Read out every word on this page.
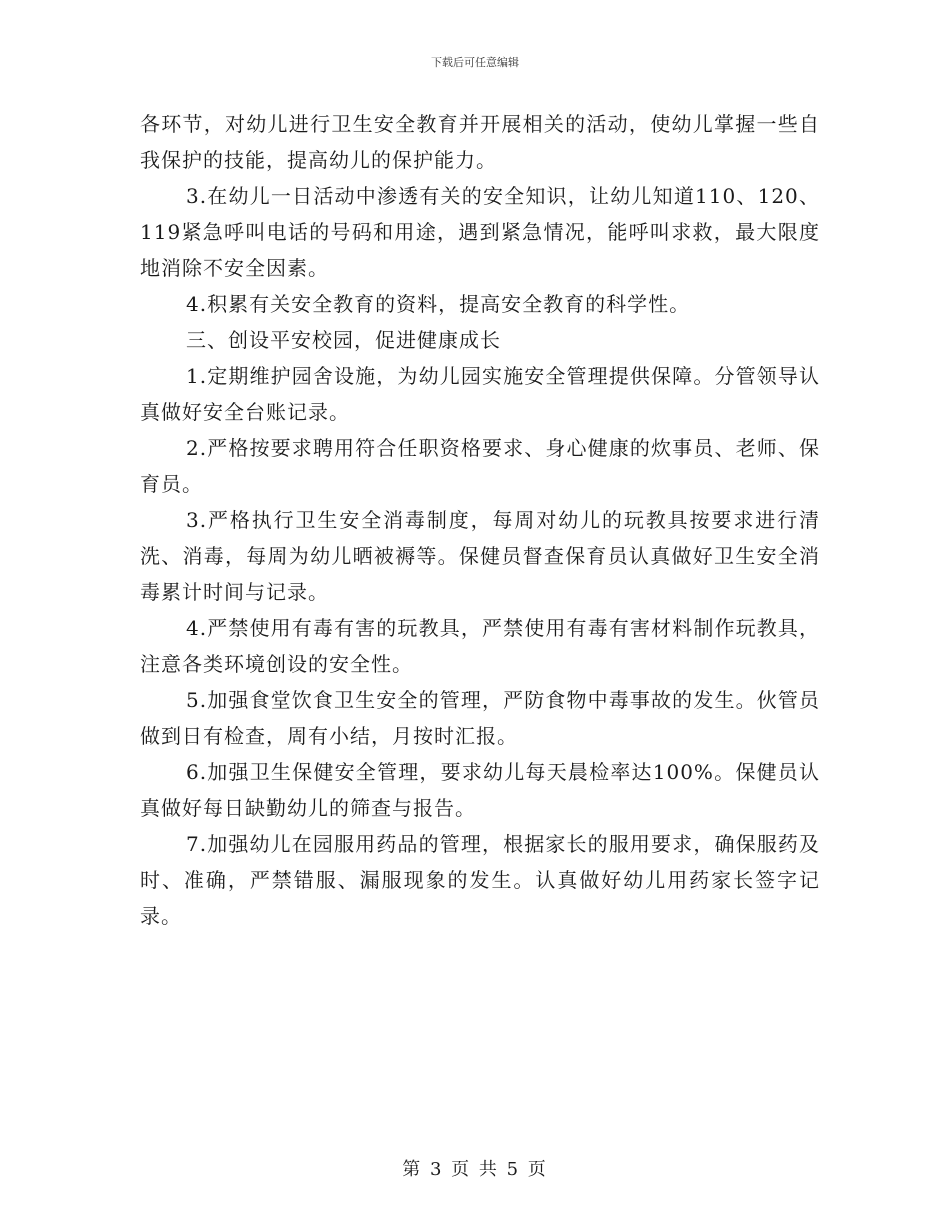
下载后可任意编辑

各环节，对幼儿进行卫生安全教育并开展相关的活动，使幼儿掌握一些自我保护的技能，提高幼儿的保护能力。

3.在幼儿一日活动中渗透有关的安全知识，让幼儿知道110、120、119紧急呼叫电话的号码和用途，遇到紧急情况，能呼叫求救，最大限度地消除不安全因素。

4.积累有关安全教育的资料，提高安全教育的科学性。

三、创设平安校园，促进健康成长

1.定期维护园舍设施，为幼儿园实施安全管理提供保障。分管领导认真做好安全台账记录。

2.严格按要求聘用符合任职资格要求、身心健康的炊事员、老师、保育员。

3.严格执行卫生安全消毒制度，每周对幼儿的玩教具按要求进行清洗、消毒，每周为幼儿晒被褥等。保健员督查保育员认真做好卫生安全消毒累计时间与记录。

4.严禁使用有毒有害的玩教具，严禁使用有毒有害材料制作玩教具，注意各类环境创设的安全性。

5.加强食堂饮食卫生安全的管理，严防食物中毒事故的发生。伙管员做到日有检查，周有小结，月按时汇报。

6.加强卫生保健安全管理，要求幼儿每天晨检率达100%。保健员认真做好每日缺勤幼儿的筛查与报告。

7.加强幼儿在园服用药品的管理，根据家长的服用要求，确保服药及时、准确，严禁错服、漏服现象的发生。认真做好幼儿用药家长签字记录。

第 3 页 共 5 页
